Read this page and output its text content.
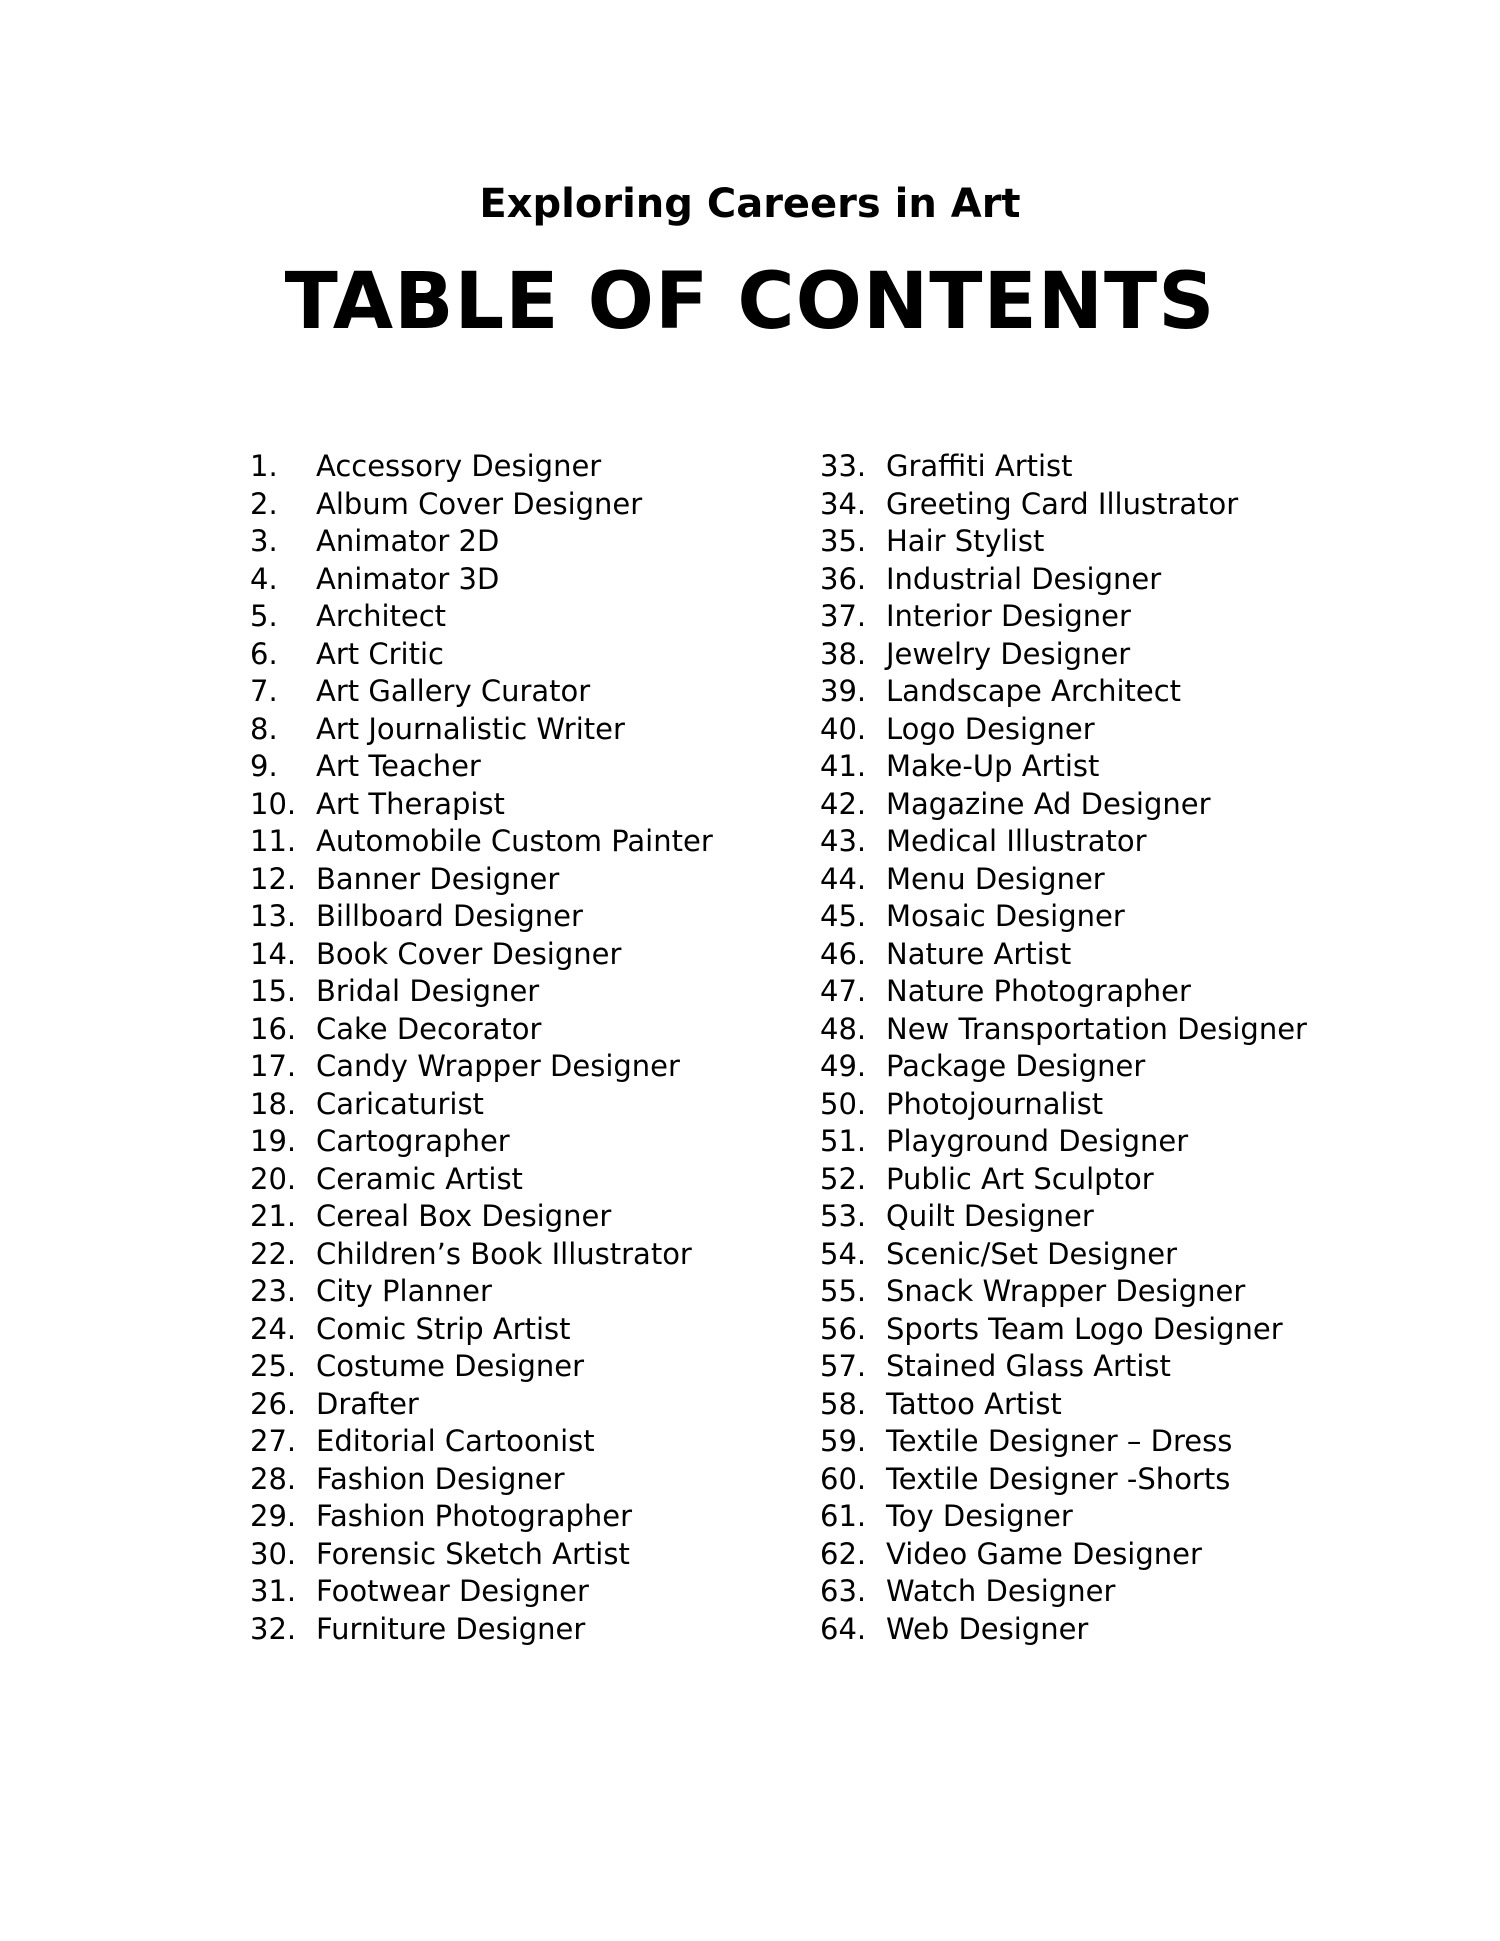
Exploring Careers in Art
TABLE OF CONTENTS
1.	Accessory Designer
2.	Album Cover Designer
3.	Animator 2D
4.	Animator 3D
5.	Architect
6.	Art Critic
7.	Art Gallery Curator
8.	Art Journalistic Writer
9.	Art Teacher
10. Art Therapist
11. Automobile Custom Painter
12. Banner Designer
13. Billboard Designer
14. Book Cover Designer
15. Bridal Designer
16. Cake Decorator
17. Candy Wrapper Designer
18. Caricaturist
19. Cartographer
20. Ceramic Artist
21. Cereal Box Designer
22. Children’s Book Illustrator
23. City Planner
24. Comic Strip Artist
25. Costume Designer
26. Drafter
27. Editorial Cartoonist
28. Fashion Designer
29. Fashion Photographer
30. Forensic Sketch Artist
31. Footwear Designer
32. Furniture Designer
33. Graffiti Artist
34. Greeting Card Illustrator
35. Hair Stylist
36. Industrial Designer
37. Interior Designer
38. Jewelry Designer
39. Landscape Architect
40. Logo Designer
41. Make-Up Artist
42. Magazine Ad Designer
43. Medical Illustrator
44. Menu Designer
45. Mosaic Designer
46. Nature Artist
47. Nature Photographer
48. New Transportation Designer
49. Package Designer
50. Photojournalist
51. Playground Designer
52. Public Art Sculptor
53. Quilt Designer
54. Scenic/Set Designer
55. Snack Wrapper Designer
56. Sports Team Logo Designer
57. Stained Glass Artist
58. Tattoo Artist
59. Textile Designer – Dress
60. Textile Designer -Shorts
61. Toy Designer
62. Video Game Designer
63. Watch Designer
64. Web Designer
